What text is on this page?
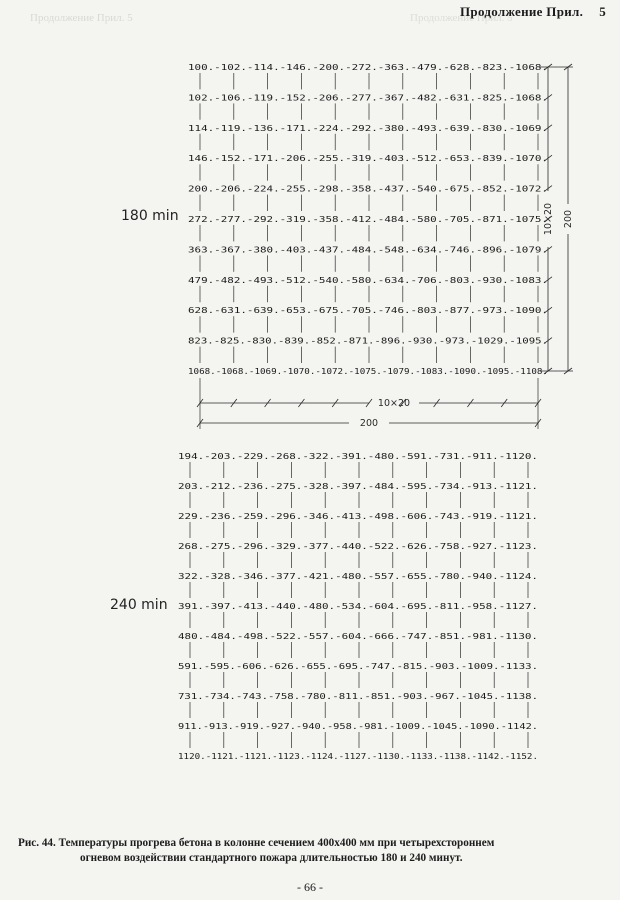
Продолжение Прил. 5	Продолжение Прил. 5
Продолжение Прил. 5
180 min
240 min
100.-102.-114.-146.-200.-272.-363.-479.-628.-823.-1068.
102.-106.-119.-152.-206.-277.-367.-482.-631.-825.-1068.
114.-119.-136.-171.-224.-292.-380.-493.-639.-830.-1069.
146.-152.-171.-206.-255.-319.-403.-512.-653.-839.-1070.
200.-206.-224.-255.-298.-358.-437.-540.-675.-852.-1072.
272.-277.-292.-319.-358.-412.-484.-580.-705.-871.-1075.
363.-367.-380.-403.-437.-484.-548.-634.-746.-896.-1079.
479.-482.-493.-512.-540.-580.-634.-706.-803.-930.-1083.
628.-631.-639.-653.-675.-705.-746.-803.-877.-973.-1090.
823.-825.-830.-839.-852.-871.-896.-930.-973.-1029.-1095.
1068.-1068.-1069.-1070.-1072.-1075.-1079.-1083.-1090.-1095.-1108.
194.-203.-229.-268.-322.-391.-480.-591.-731.-911.-1120.
203.-212.-236.-275.-328.-397.-484.-595.-734.-913.-1121.
229.-236.-259.-296.-346.-413.-498.-606.-743.-919.-1121.
268.-275.-296.-329.-377.-440.-522.-626.-758.-927.-1123.
322.-328.-346.-377.-421.-480.-557.-655.-780.-940.-1124.
391.-397.-413.-440.-480.-534.-604.-695.-811.-958.-1127.
480.-484.-498.-522.-557.-604.-666.-747.-851.-981.-1130.
591.-595.-606.-626.-655.-695.-747.-815.-903.-1009.-1133.
731.-734.-743.-758.-780.-811.-851.-903.-967.-1045.-1138.
911.-913.-919.-927.-940.-958.-981.-1009.-1045.-1090.-1142.
1120.-1121.-1121.-1123.-1124.-1127.-1130.-1133.-1138.-1142.-1152.
10×20
200
10×20 200
Рис. 44. Температуры прогрева бетона в колонне сечением 400x400 мм при четырехстороннем
огневом воздействии стандартного пожара длительностью 180 и 240 минут.
- 66 -
